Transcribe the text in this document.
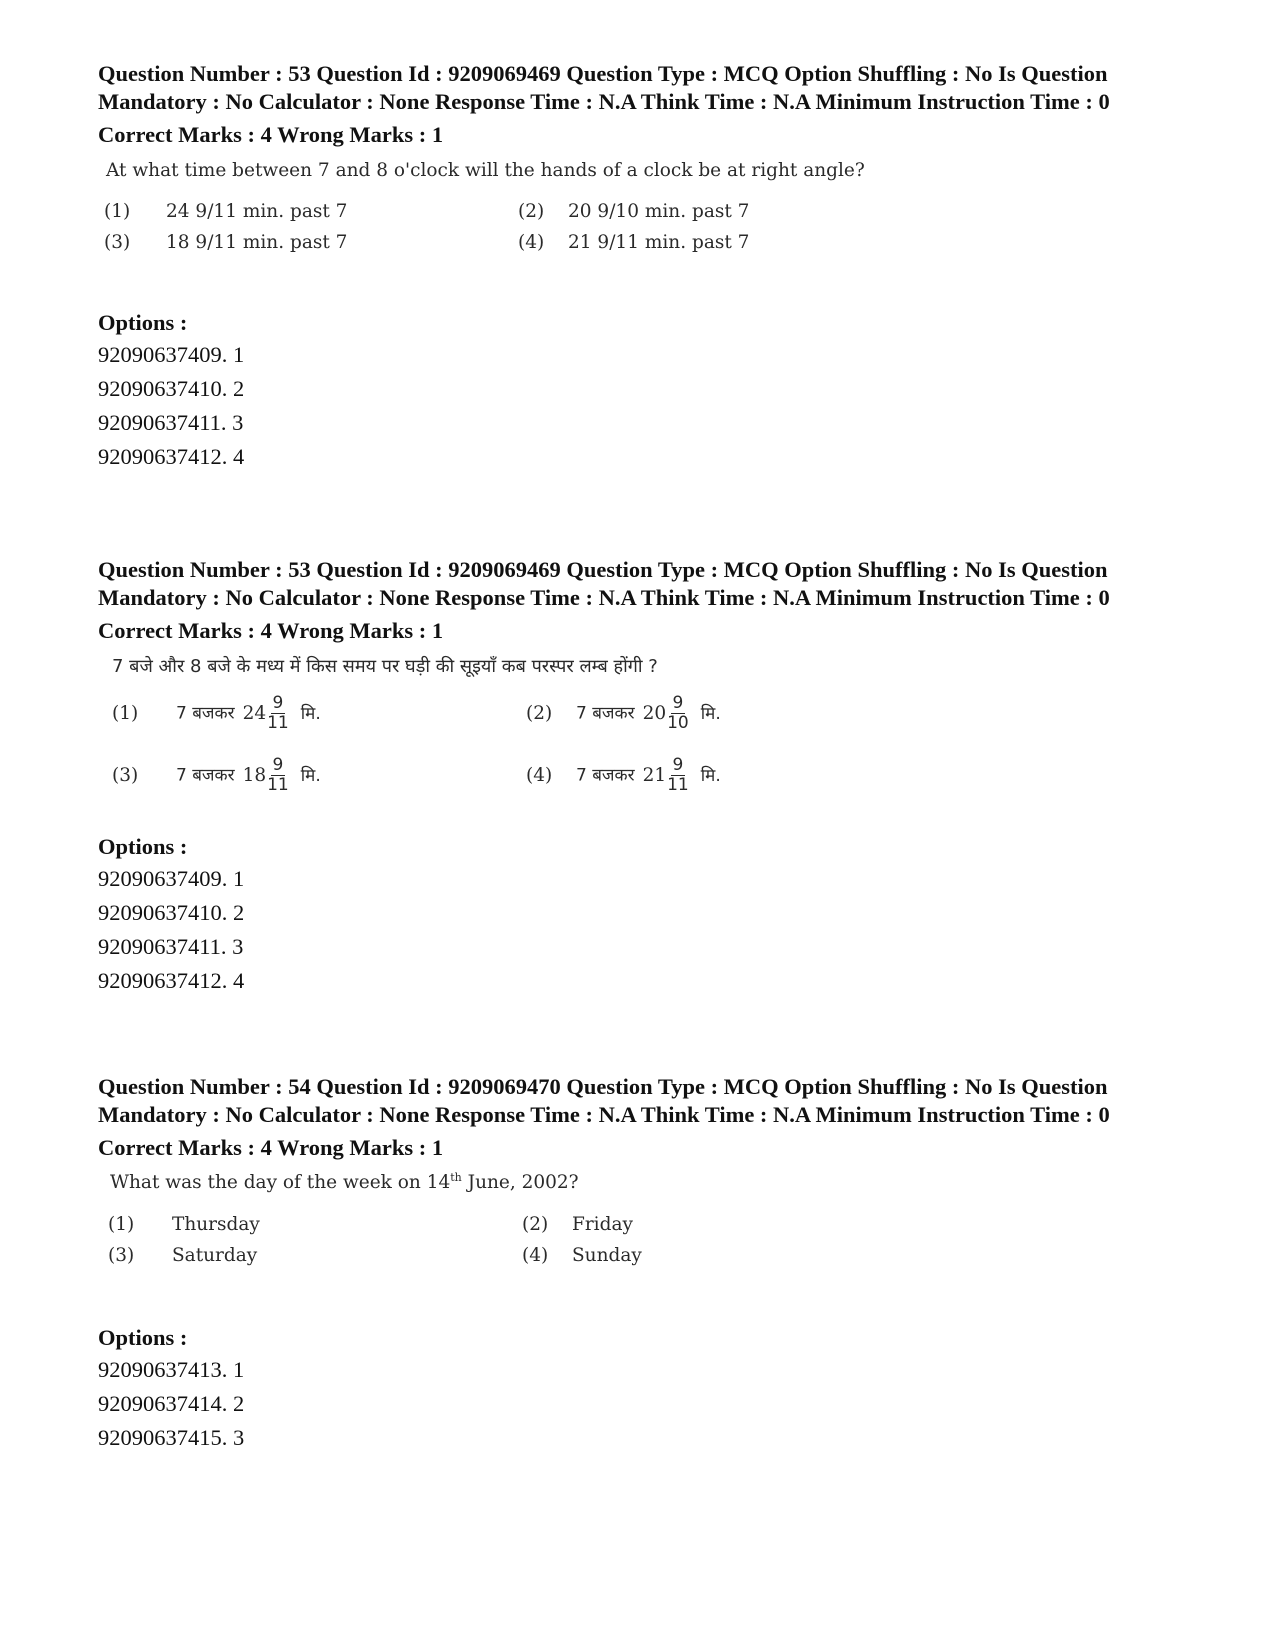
Question Number : 53 Question Id : 9209069469 Question Type : MCQ Option Shuffling : No Is Question Mandatory : No Calculator : None Response Time : N.A Think Time : N.A Minimum Instruction Time : 0

Correct Marks : 4 Wrong Marks : 1
At what time between 7 and 8 o'clock will the hands of a clock be at right angle?
(1) 24 9/11 min. past 7	(2) 20 9/10 min. past 7
(3) 18 9/11 min. past 7	(4) 21 9/11 min. past 7
Options :
92090637409. 1
92090637410. 2
92090637411. 3
92090637412. 4

Question Number : 53 Question Id : 9209069469 Question Type : MCQ Option Shuffling : No Is Question Mandatory : No Calculator : None Response Time : N.A Think Time : N.A Minimum Instruction Time : 0

Correct Marks : 4 Wrong Marks : 1
7 बजे और 8 बजे के मध्य में किस समय पर घड़ी की सूइयाँ कब परस्पर लम्ब होंगी ?
(1) 7 बजकर $24 \frac{9}{11}$ मि.	(2) 7 बजकर $20 \frac{9}{10}$ मि.
(3) 7 बजकर $18 \frac{9}{11}$ मि.	(4) 7 बजकर $21 \frac{9}{11}$ मि.
Options :
92090637409. 1
92090637410. 2
92090637411. 3
92090637412. 4

Question Number : 54 Question Id : 9209069470 Question Type : MCQ Option Shuffling : No Is Question Mandatory : No Calculator : None Response Time : N.A Think Time : N.A Minimum Instruction Time : 0

Correct Marks : 4 Wrong Marks : 1
What was the day of the week on 14th June, 2002?
(1) Thursday	(2) Friday
(3) Saturday	(4) Sunday
Options :
92090637413. 1
92090637414. 2
92090637415. 3
